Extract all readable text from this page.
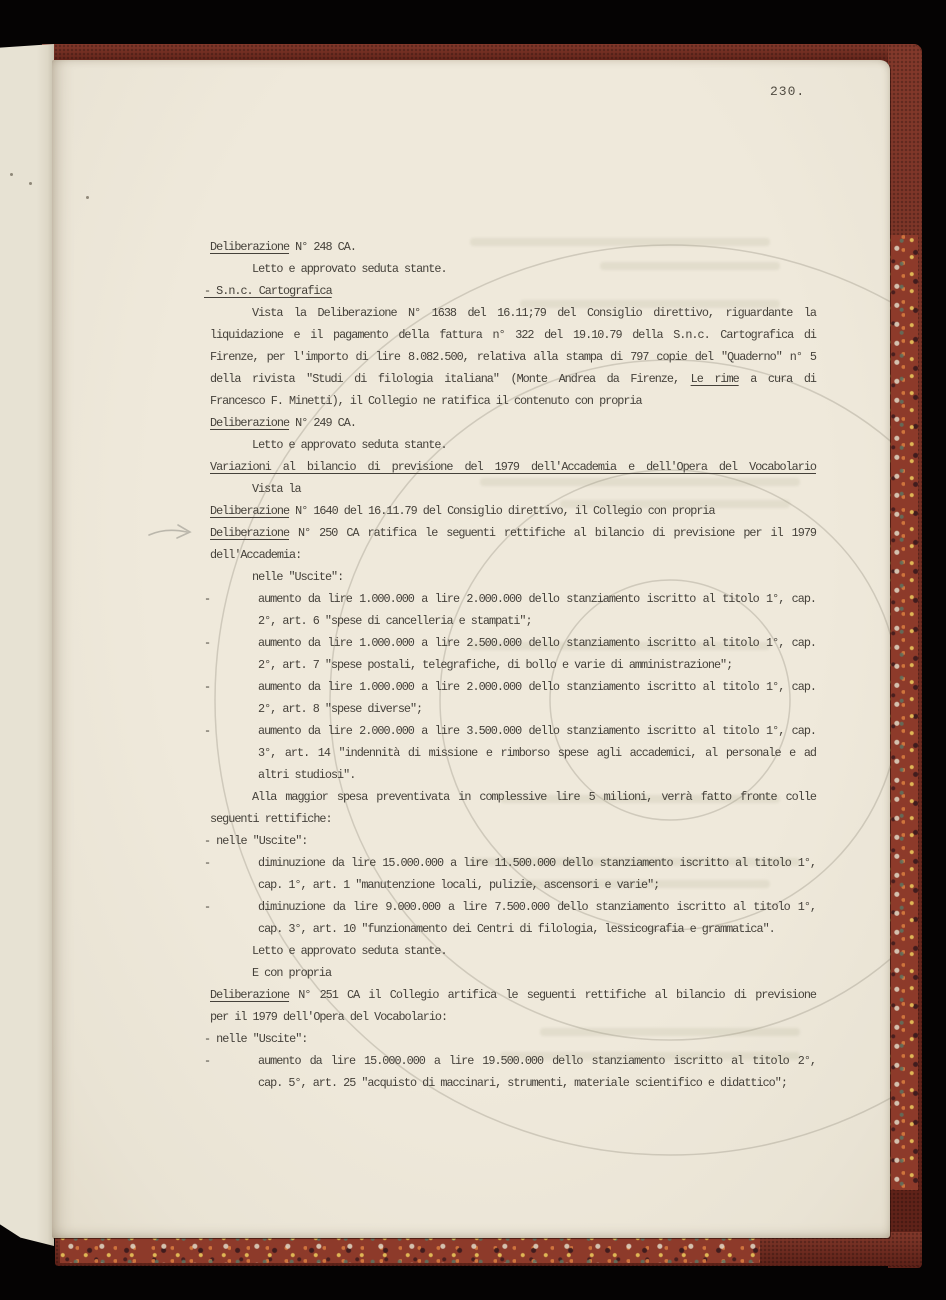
230.
Deliberazione N° 248 CA.
Letto e approvato seduta stante.
- S.n.c. Cartografica
Vista la Deliberazione N° 1638 del 16.11;79 del Consiglio direttivo, riguardante la
liquidazione e il pagamento della fattura n° 322 del 19.10.79 della S.n.c. Cartografica di
Firenze, per l'importo di lire 8.082.500, relativa alla stampa di 797 copie del "Quaderno" n° 5
della rivista "Studi di filologia italiana" (Monte Andrea da Firenze, Le rime a cura di
Francesco F. Minetti), il Collegio ne ratifica il contenuto con propria
Deliberazione N° 249 CA.
Letto e approvato seduta stante.
Variazioni al bilancio di previsione del 1979 dell'Accademia e dell'Opera del Vocabolario
Vista la
Deliberazione N° 1640 del 16.11.79 del Consiglio direttivo, il Collegio con propria
Deliberazione N° 250 CA ratifica le seguenti rettifiche al bilancio di previsione per il 1979
dell'Accademia:
nelle "Uscite":
-	aumento da lire 1.000.000 a lire 2.000.000 dello stanziamento iscritto al titolo 1°, cap.
2°, art. 6 "spese di cancelleria e stampati";
-	aumento da lire 1.000.000 a lire 2.500.000 dello stanziamento iscritto al titolo 1°, cap.
2°, art. 7 "spese postali, telegrafiche, di bollo e varie di amministrazione";
-	aumento da lire 1.000.000 a lire 2.000.000 dello stanziamento iscritto al titolo 1°, cap.
2°, art. 8 "spese diverse";
-	aumento da lire 2.000.000 a lire 3.500.000 dello stanziamento iscritto al titolo 1°, cap.
3°, art. 14 "indennità di missione e rimborso spese agli accademici, al personale e ad
altri studiosi".
Alla maggior spesa preventivata in complessive lire 5 milioni, verrà fatto fronte colle
seguenti rettifiche:
- nelle "Uscite":
-	diminuzione da lire 15.000.000 a lire 11.500.000 dello stanziamento iscritto al titolo 1°,
cap. 1°, art. 1 "manutenzione locali, pulizie, ascensori e varie";
-	diminuzione da lire 9.000.000 a lire 7.500.000 dello stanziamento iscritto al titolo 1°,
cap. 3°, art. 10 "funzionamento dei Centri di filologia, lessicografia e grammatica".
Letto e approvato seduta stante.
E con propria
Deliberazione N° 251 CA il Collegio artifica le seguenti rettifiche al bilancio di previsione
per il 1979 dell'Opera del Vocabolario:
- nelle "Uscite":
-	aumento da lire 15.000.000 a lire 19.500.000 dello stanziamento iscritto al titolo 2°,
cap. 5°, art. 25 "acquisto di maccinari, strumenti, materiale scientifico e didattico";
